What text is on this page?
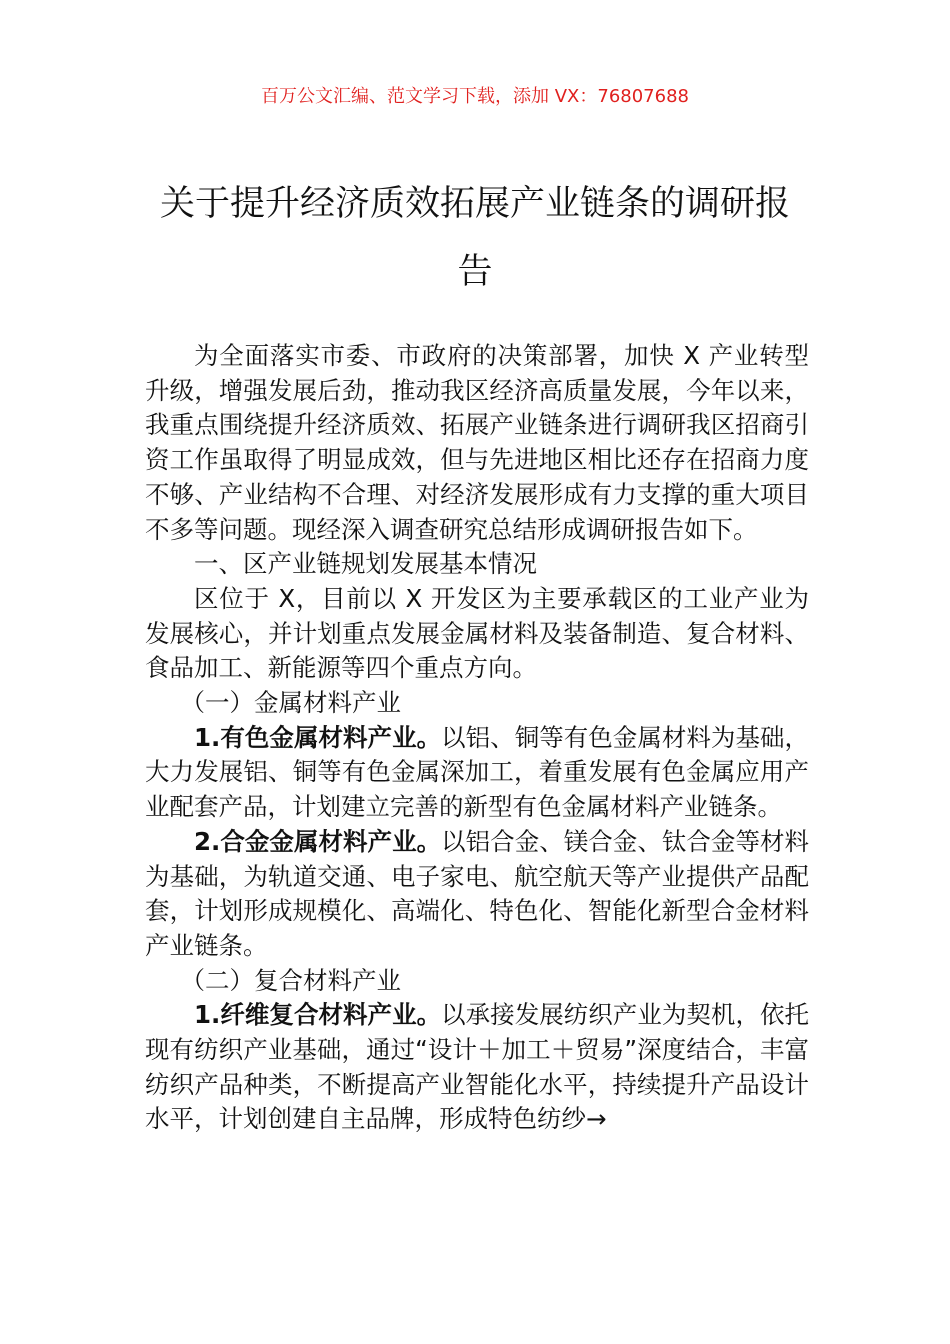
百万公文汇编、范文学习下载，添加 VX：76807688
关于提升经济质效拓展产业链条的调研报告

为全面落实市委、市政府的决策部署，加快 X 产业转型升级，增强发展后劲，推动我区经济高质量发展，今年以来，我重点围绕提升经济质效、拓展产业链条进行调研我区招商引资工作虽取得了明显成效，但与先进地区相比还存在招商力度不够、产业结构不合理、对经济发展形成有力支撑的重大项目不多等问题。现经深入调查研究总结形成调研报告如下。

一、区产业链规划发展基本情况

区位于 X，目前以 X 开发区为主要承载区的工业产业为发展核心，并计划重点发展金属材料及装备制造、复合材料、食品加工、新能源等四个重点方向。

（一）金属材料产业

1.有色金属材料产业。以铝、铜等有色金属材料为基础，大力发展铝、铜等有色金属深加工，着重发展有色金属应用产业配套产品，计划建立完善的新型有色金属材料产业链条。

2.合金金属材料产业。以铝合金、镁合金、钛合金等材料为基础，为轨道交通、电子家电、航空航天等产业提供产品配套，计划形成规模化、高端化、特色化、智能化新型合金材料产业链条。

（二）复合材料产业

1.纤维复合材料产业。以承接发展纺织产业为契机，依托现有纺织产业基础，通过“设计＋加工＋贸易”深度结合，丰富纺织产品种类，不断提高产业智能化水平，持续提升产品设计水平，计划创建自主品牌，形成特色纺纱→
